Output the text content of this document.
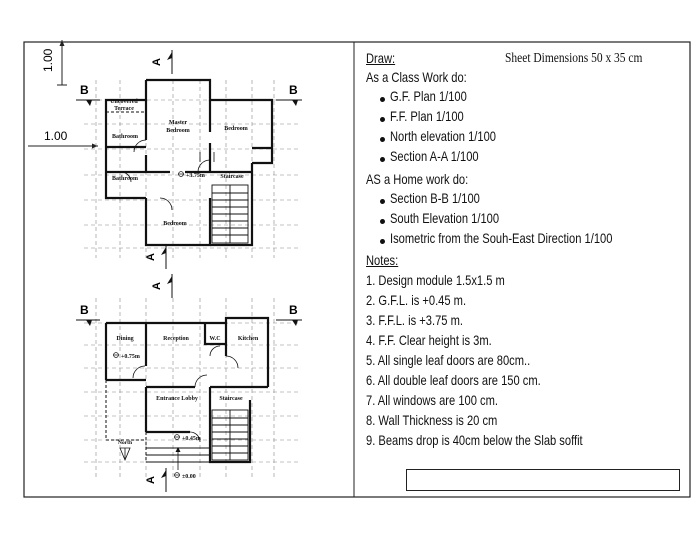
1.00
1.00
Uncovered
Terrace
Master
Bedroom	Bedroom
Bathroom
Bathroom	Staircase
Bedroom
+3.75m
A
A
B	B
Dining	Reception	W.C	Kitchen
Entrance Lobby	Staircase
+0.75m
+0.45m
±0.00
North
A
A
B	B
Sheet Dimensions 50 x 35 cm
Draw:
As a Class Work do:
G.F. Plan 1/100
F.F. Plan 1/100
North elevation 1/100
Section A-A 1/100
AS a Home work do:
Section B-B 1/100
South Elevation 1/100
Isometric from the Souh-East Direction 1/100
Notes:
1. Design module 1.5x1.5 m
2. G.F.L. is +0.45 m.
3. F.F.L. is +3.75 m.
4. F.F. Clear height is 3m.
5. All single leaf doors are 80cm..
6. All double leaf doors are 150 cm.
7. All windows are 100 cm.
8. Wall Thickness is 20 cm
9. Beams drop is 40cm below the Slab soffit
